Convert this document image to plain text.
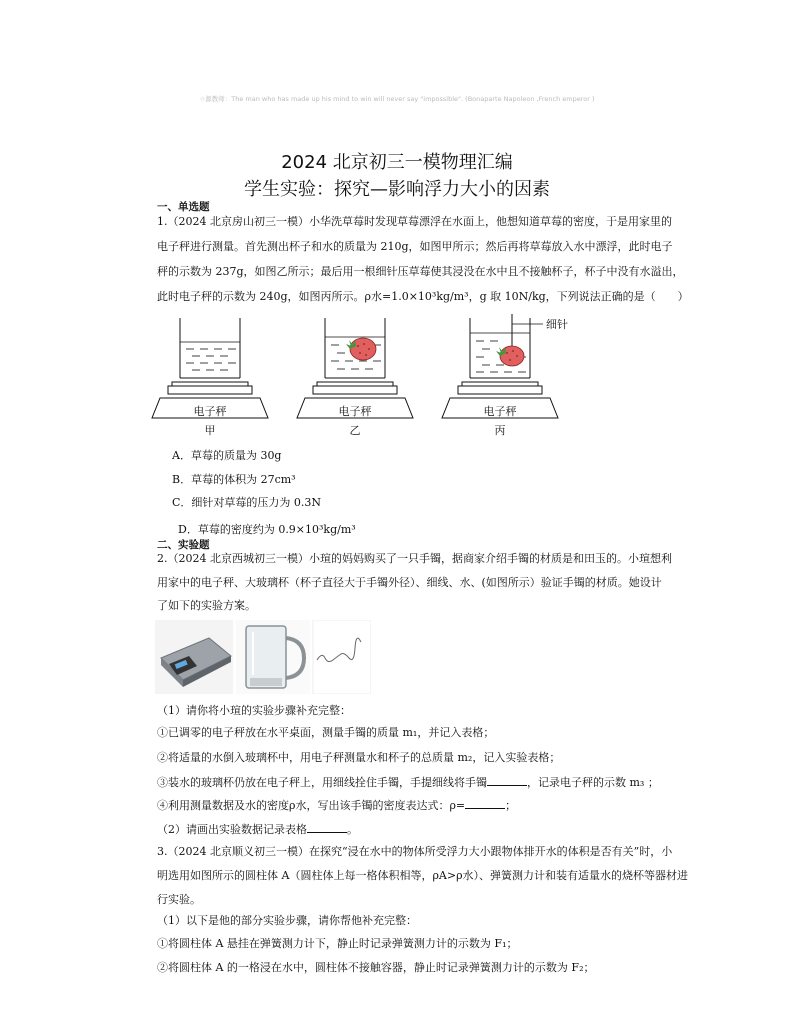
☆源教师：The man who has made up his mind to win will never say "impossible". (Bonaparte Napoleon ,French emperor )
2024 北京初三一模物理汇编
学生实验：探究—影响浮力大小的因素
一、单选题
1.（2024 北京房山初三一模）小华洗草莓时发现草莓漂浮在水面上，他想知道草莓的密度，于是用家里的
电子秤进行测量。首先测出杯子和水的质量为 210g，如图甲所示；然后再将草莓放入水中漂浮，此时电子
秤的示数为 237g，如图乙所示；最后用一根细针压草莓使其浸没在水中且不接触杯子，杯子中没有水溢出，
此时电子秤的示数为 240g，如图丙所示。ρ水=1.0×10³kg/m³，g 取 10N/kg，下列说法正确的是（　　）
细针
电子秤	电子秤	电子秤
甲	乙	丙
A．草莓的质量为 30g
B．草莓的体积为 27cm³
C．细针对草莓的压力为 0.3N
D．草莓的密度约为 0.9×10³kg/m³
二、实验题
2.（2024 北京西城初三一模）小瑄的妈妈购买了一只手镯，据商家介绍手镯的材质是和田玉的。小瑄想利
用家中的电子秤、大玻璃杯（杯子直径大于手镯外径）、细线、水、(如图所示）验证手镯的材质。她设计
了如下的实验方案。
（1）请你将小瑄的实验步骤补充完整：
①已调零的电子秤放在水平桌面，测量手镯的质量 m₁，并记入表格；
②将适量的水倒入玻璃杯中，用电子秤测量水和杯子的总质量 m₂，记入实验表格；
③装水的玻璃杯仍放在电子秤上，用细线拴住手镯，手提细线将手镯	，记录电子秤的示数 m₃ ；
④利用测量数据及水的密度ρ水，写出该手镯的密度表达式：ρ=	；
（2）请画出实验数据记录表格	。
3.（2024 北京顺义初三一模）在探究“浸在水中的物体所受浮力大小跟物体排开水的体积是否有关”时，小
明选用如图所示的圆柱体 A（圆柱体上每一格体积相等，ρA>ρ水）、弹簧测力计和装有适量水的烧杯等器材进
行实验。
（1）以下是他的部分实验步骤，请你帮他补充完整：
①将圆柱体 A 悬挂在弹簧测力计下，静止时记录弹簧测力计的示数为 F₁；
②将圆柱体 A 的一格浸在水中，圆柱体不接触容器，静止时记录弹簧测力计的示数为 F₂；
